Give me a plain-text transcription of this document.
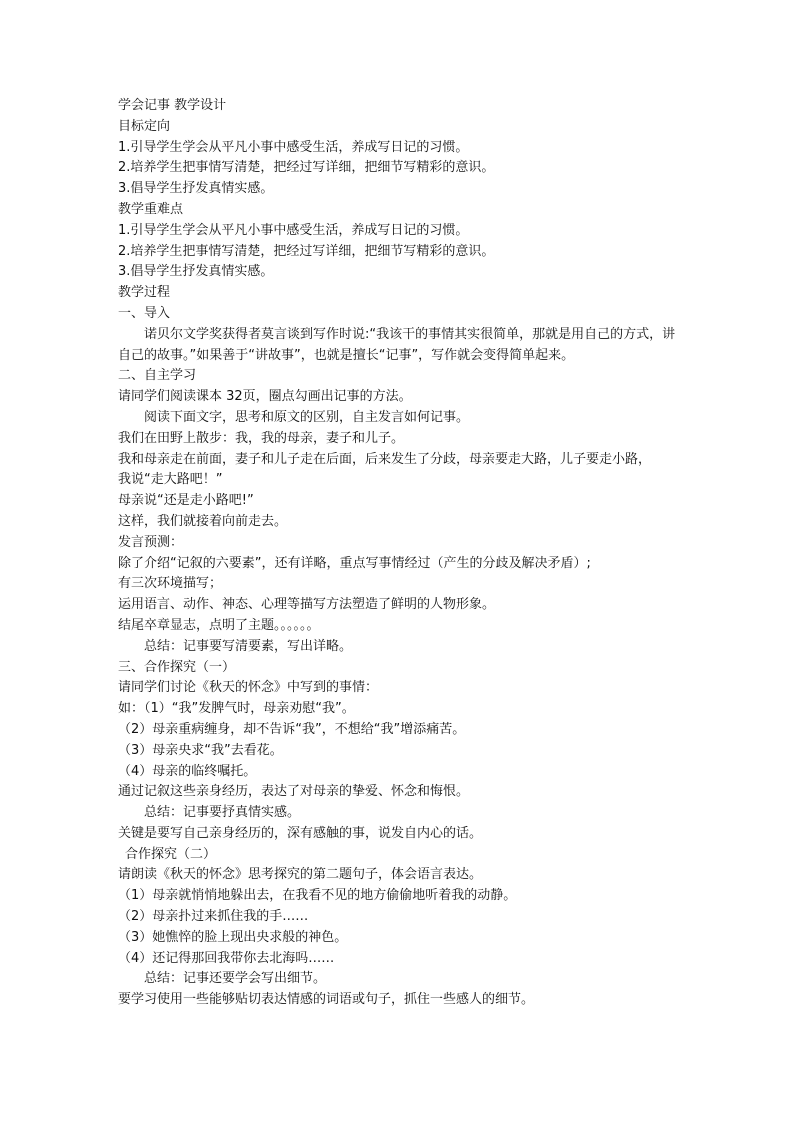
学会记事 教学设计
目标定向
1.引导学生学会从平凡小事中感受生活，养成写日记的习惯。
2.培养学生把事情写清楚，把经过写详细，把细节写精彩的意识。
3.倡导学生抒发真情实感。
教学重难点
1.引导学生学会从平凡小事中感受生活，养成写日记的习惯。
2.培养学生把事情写清楚，把经过写详细，把细节写精彩的意识。
3.倡导学生抒发真情实感。
教学过程
一、导入
诺贝尔文学奖获得者莫言谈到写作时说:“我该干的事情其实很简单，那就是用自己的方式，讲自己的故事。”如果善于“讲故事”，也就是擅长“记事”，写作就会变得简单起来。
二、自主学习
请同学们阅读课本 32页，圈点勾画出记事的方法。
阅读下面文字，思考和原文的区别，自主发言如何记事。
我们在田野上散步：我，我的母亲，妻子和儿子。
我和母亲走在前面，妻子和儿子走在后面，后来发生了分歧，母亲要走大路，儿子要走小路，
我说“走大路吧！”
母亲说“还是走小路吧!”
这样，我们就接着向前走去。
发言预测：
除了介绍“记叙的六要素”，还有详略，重点写事情经过（产生的分歧及解决矛盾）;
有三次环境描写；
运用语言、动作、神态、心理等描写方法塑造了鲜明的人物形象。
结尾卒章显志，点明了主题。。。。。。
总结：记事要写清要素，写出详略。
三、合作探究（一）
请同学们讨论《秋天的怀念》中写到的事情：
如：（1）“我”发脾气时，母亲劝慰“我”。
（2）母亲重病缠身，却不告诉“我”，不想给“我”增添痛苦。
（3）母亲央求“我”去看花。
（4）母亲的临终嘱托。
通过记叙这些亲身经历，表达了对母亲的挚爱、怀念和悔恨。
总结：记事要抒真情实感。
关键是要写自己亲身经历的，深有感触的事，说发自内心的话。
合作探究（二）
请朗读《秋天的怀念》思考探究的第二题句子，体会语言表达。
（1）母亲就悄悄地躲出去，在我看不见的地方偷偷地听着我的动静。
（2）母亲扑过来抓住我的手……
（3）她憔悴的脸上现出央求般的神色。
（4）还记得那回我带你去北海吗……
总结：记事还要学会写出细节。
要学习使用一些能够贴切表达情感的词语或句子，抓住一些感人的细节。
